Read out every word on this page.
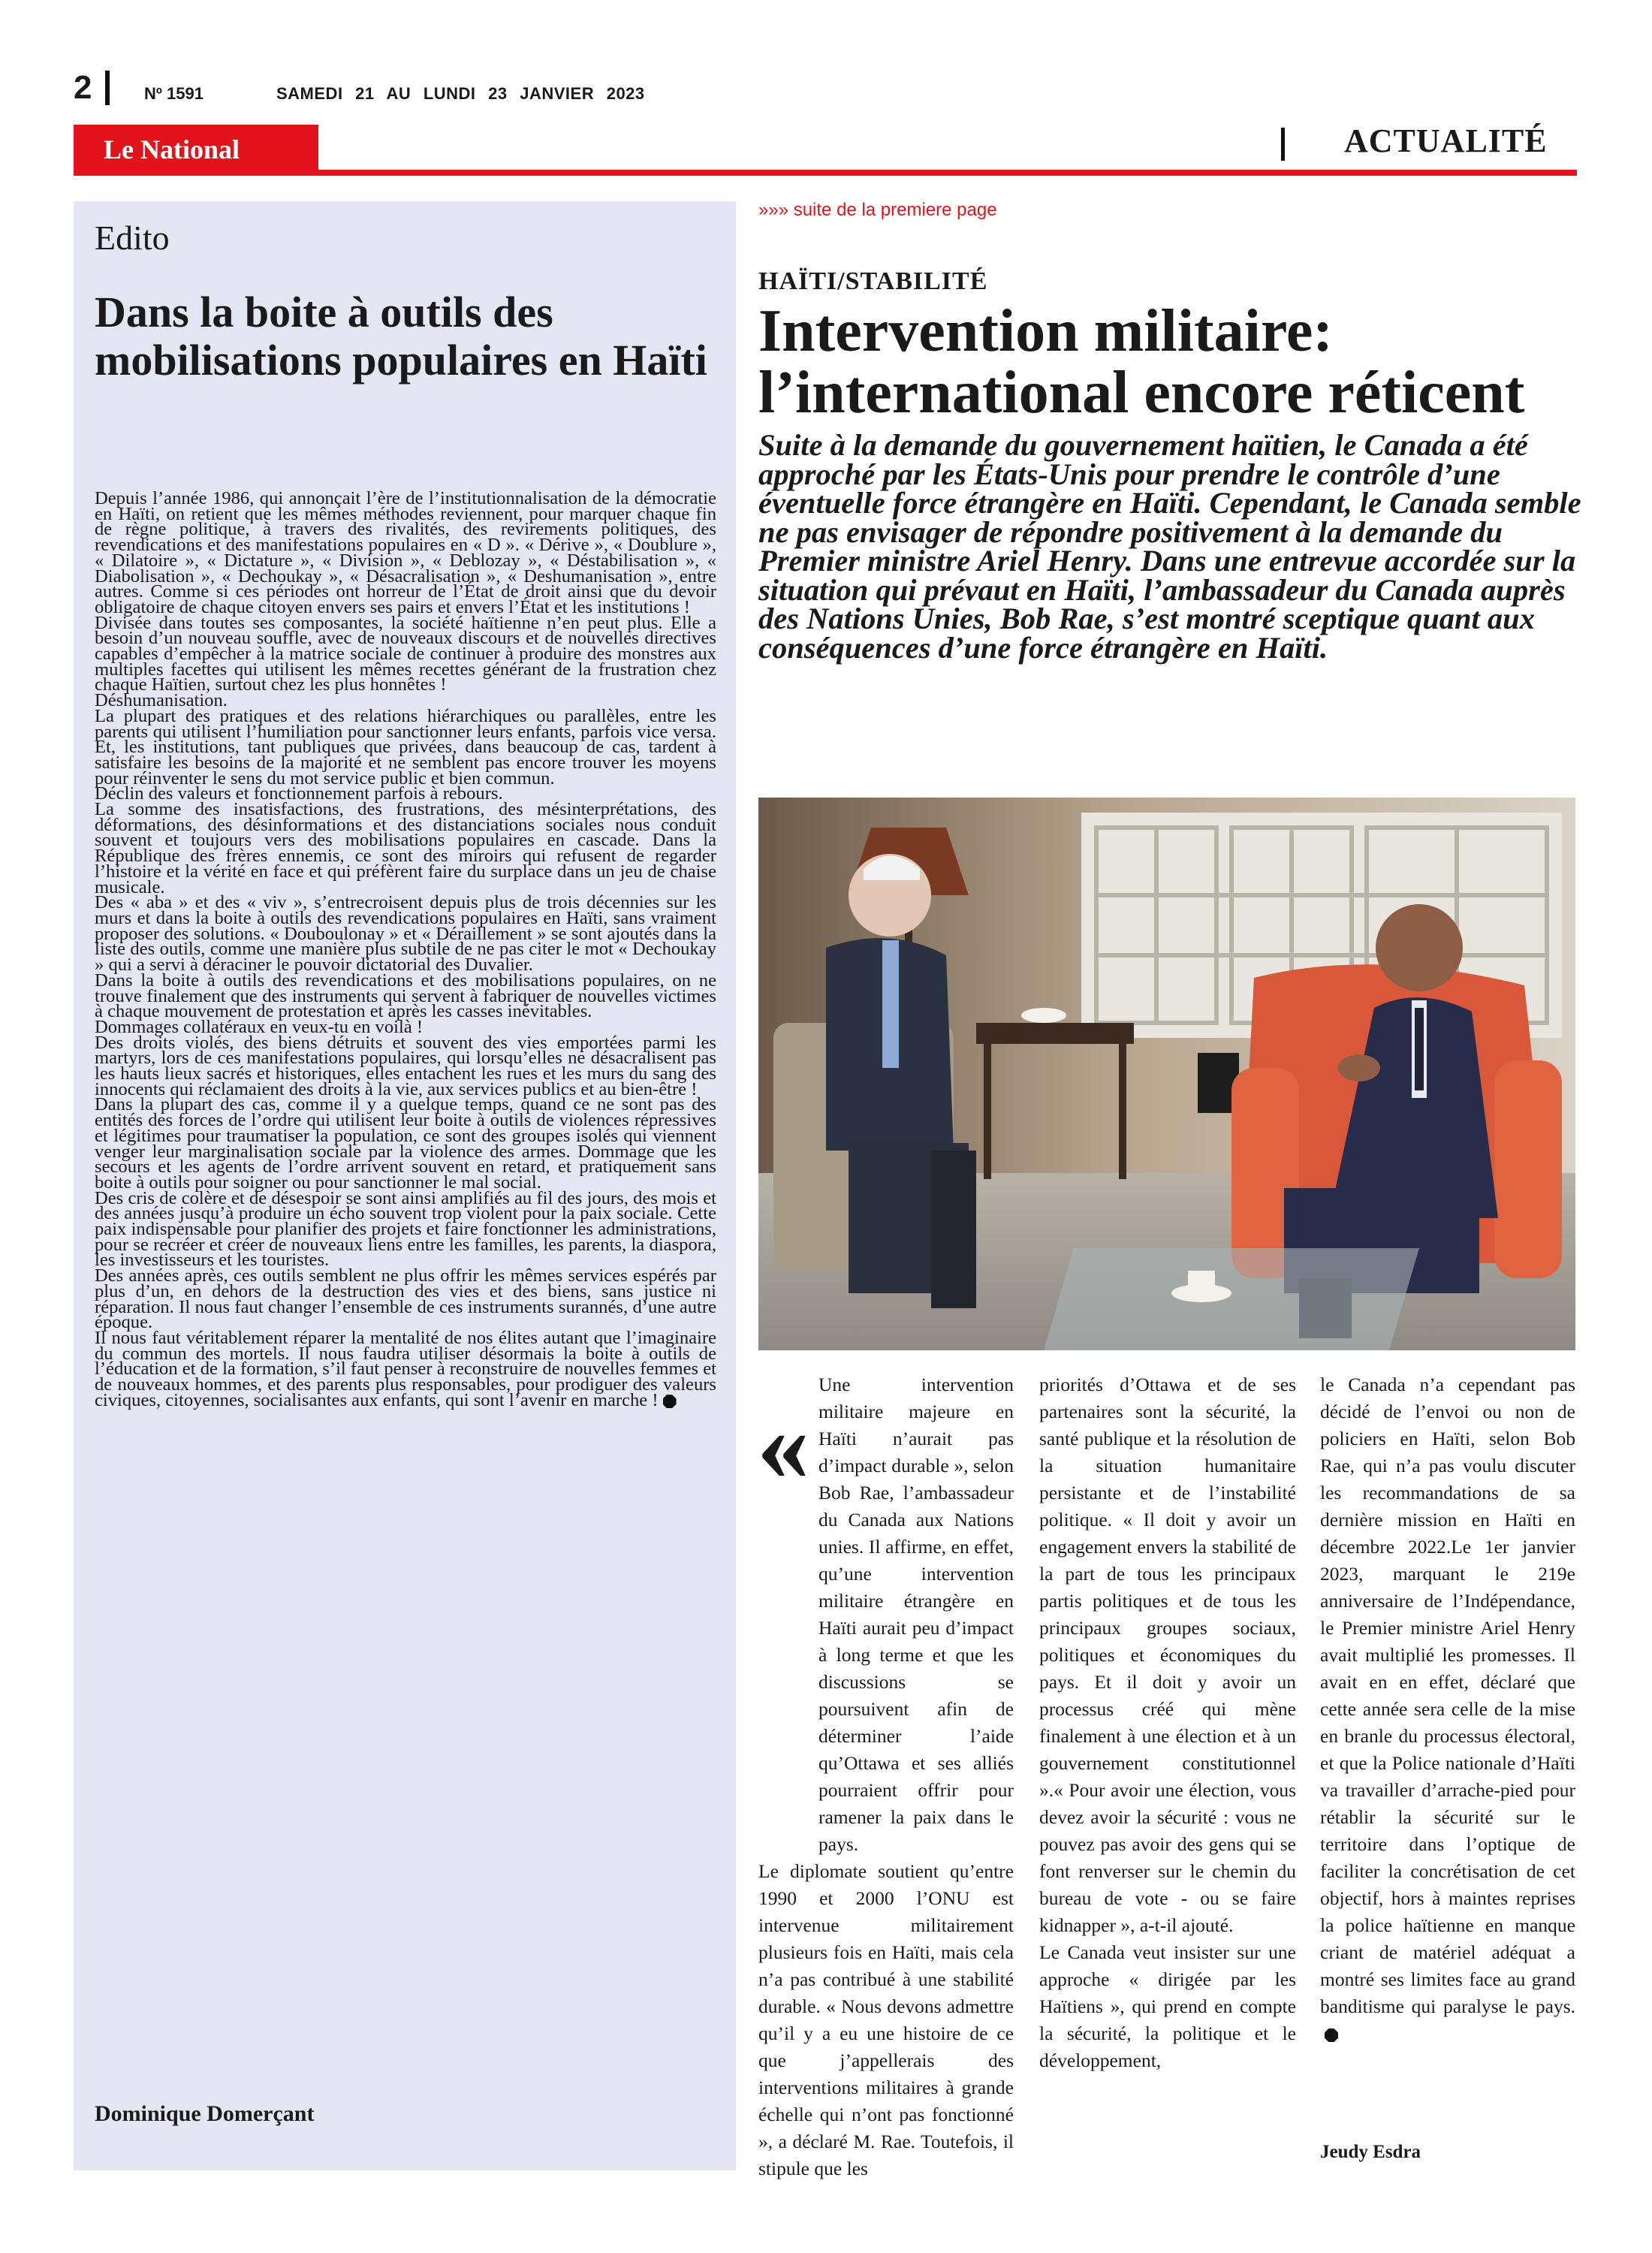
2	Nº 1591	SAMEDI 21 AU LUNDI 23 JANVIER 2023
Le National	ACTUALITÉ
Edito
Dans la boite à outils des mobilisations populaires en Haïti

Depuis l’année 1986, qui annonçait l’ère de l’institutionnalisation de la démocratie en Haïti, on retient que les mêmes méthodes reviennent, pour marquer chaque fin de règne politique, à travers des rivalités, des revirements politiques, des revendications et des manifestations populaires en « D ». « Dérive », « Doublure », « Dilatoire », « Dictature », « Division », « Deblozay », « Déstabilisation », « Diabolisation », « Dechoukay », « Désacralisation », « Deshumanisation », entre autres. Comme si ces périodes ont horreur de l’État de droit ainsi que du devoir obligatoire de chaque citoyen envers ses pairs et envers l’État et les institutions !

Divisée dans toutes ses composantes, la société haïtienne n’en peut plus. Elle a besoin d’un nouveau souffle, avec de nouveaux discours et de nouvelles directives capables d’empêcher à la matrice sociale de continuer à produire des monstres aux multiples facettes qui utilisent les mêmes recettes générant de la frustration chez chaque Haïtien, surtout chez les plus honnêtes !

Déshumanisation.

La plupart des pratiques et des relations hiérarchiques ou parallèles, entre les parents qui utilisent l’humiliation pour sanctionner leurs enfants, parfois vice versa. Et, les institutions, tant publiques que privées, dans beaucoup de cas, tardent à satisfaire les besoins de la majorité et ne semblent pas encore trouver les moyens pour réinventer le sens du mot service public et bien commun.

Déclin des valeurs et fonctionnement parfois à rebours.

La somme des insatisfactions, des frustrations, des mésinterprétations, des déformations, des désinformations et des distanciations sociales nous conduit souvent et toujours vers des mobilisations populaires en cascade. Dans la République des frères ennemis, ce sont des miroirs qui refusent de regarder l’histoire et la vérité en face et qui préfèrent faire du surplace dans un jeu de chaise musicale.

Des « aba » et des « viv », s’entrecroisent depuis plus de trois décennies sur les murs et dans la boite à outils des revendications populaires en Haïti, sans vraiment proposer des solutions. « Douboulonay » et « Déraillement » se sont ajoutés dans la liste des outils, comme une manière plus subtile de ne pas citer le mot « Dechoukay » qui a servi à déraciner le pouvoir dictatorial des Duvalier.

Dans la boite à outils des revendications et des mobilisations populaires, on ne trouve finalement que des instruments qui servent à fabriquer de nouvelles victimes à chaque mouvement de protestation et après les casses inévitables.

Dommages collatéraux en veux-tu en voilà !

Des droits violés, des biens détruits et souvent des vies emportées parmi les martyrs, lors de ces manifestations populaires, qui lorsqu’elles ne désacralisent pas les hauts lieux sacrés et historiques, elles entachent les rues et les murs du sang des innocents qui réclamaient des droits à la vie, aux services publics et au bien-être !

Dans la plupart des cas, comme il y a quelque temps, quand ce ne sont pas des entités des forces de l’ordre qui utilisent leur boite à outils de violences répressives et légitimes pour traumatiser la population, ce sont des groupes isolés qui viennent venger leur marginalisation sociale par la violence des armes. Dommage que les secours et les agents de l’ordre arrivent souvent en retard, et pratiquement sans boite à outils pour soigner ou pour sanctionner le mal social.

Des cris de colère et de désespoir se sont ainsi amplifiés au fil des jours, des mois et des années jusqu’à produire un écho souvent trop violent pour la paix sociale. Cette paix indispensable pour planifier des projets et faire fonctionner les administrations, pour se recréer et créer de nouveaux liens entre les familles, les parents, la diaspora, les investisseurs et les touristes.

Des années après, ces outils semblent ne plus offrir les mêmes services espérés par plus d’un, en dehors de la destruction des vies et des biens, sans justice ni réparation. Il nous faut changer l’ensemble de ces instruments surannés, d’une autre époque.

Il nous faut véritablement réparer la mentalité de nos élites autant que l’imaginaire du commun des mortels. Il nous faudra utiliser désormais la boite à outils de l’éducation et de la formation, s’il faut penser à reconstruire de nouvelles femmes et de nouveaux hommes, et des parents plus responsables, pour prodiguer des valeurs civiques, citoyennes, socialisantes aux enfants, qui sont l’avenir en marche !

Dominique Domerçant
»»» suite de la premiere page
HAÏTI/STABILITÉ
Intervention militaire: l’international encore réticent
Suite à la demande du gouvernement haïtien, le Canada a été approché par les États-Unis pour prendre le contrôle d’une éventuelle force étrangère en Haïti. Cependant, le Canada semble ne pas envisager de répondre positivement à la demande du Premier ministre Ariel Henry. Dans une entrevue accordée sur la situation qui prévaut en Haïti, l’ambassadeur du Canada auprès des Nations Unies, Bob Rae, s’est montré sceptique quant aux conséquences d’une force étrangère en Haïti.
«

Une intervention militaire majeure en Haïti n’aurait pas d’impact durable », selon Bob Rae, l’ambassadeur du Canada aux Nations unies. Il affirme, en effet, qu’une intervention militaire étrangère en Haïti aurait peu d’impact à long terme et que les discussions se poursuivent afin de déterminer l’aide qu’Ottawa et ses alliés pourraient offrir pour ramener la paix dans le pays.

Le diplomate soutient qu’entre 1990 et 2000 l’ONU est intervenue militairement plusieurs fois en Haïti, mais cela n’a pas contribué à une stabilité durable. « Nous devons admettre qu’il y a eu une histoire de ce que j’appellerais des interventions militaires à grande échelle qui n’ont pas fonctionné », a déclaré M. Rae. Toutefois, il stipule que les

priorités d’Ottawa et de ses partenaires sont la sécurité, la santé publique et la résolution de la situation humanitaire persistante et de l’instabilité politique. « Il doit y avoir un engagement envers la stabilité de la part de tous les principaux partis politiques et de tous les principaux groupes sociaux, politiques et économiques du pays. Et il doit y avoir un processus créé qui mène finalement à une élection et à un gouvernement constitutionnel ».« Pour avoir une élection, vous devez avoir la sécurité : vous ne pouvez pas avoir des gens qui se font renverser sur le chemin du bureau de vote - ou se faire kidnapper », a-t-il ajouté.

Le Canada veut insister sur une approche « dirigée par les Haïtiens », qui prend en compte la sécurité, la politique et le développement,

le Canada n’a cependant pas décidé de l’envoi ou non de policiers en Haïti, selon Bob Rae, qui n’a pas voulu discuter les recommandations de sa dernière mission en Haïti en décembre 2022.Le 1er janvier 2023, marquant le 219e anniversaire de l’Indépendance, le Premier ministre Ariel Henry avait multiplié les promesses. Il avait en en effet, déclaré que cette année sera celle de la mise en branle du processus électoral, et que la Police nationale d’Haïti va travailler d’arrache-pied pour rétablir la sécurité sur le territoire dans l’optique de faciliter la concrétisation de cet objectif, hors à maintes reprises la police haïtienne en manque criant de matériel adéquat a montré ses limites face au grand banditisme qui paralyse le pays.

Jeudy Esdra
